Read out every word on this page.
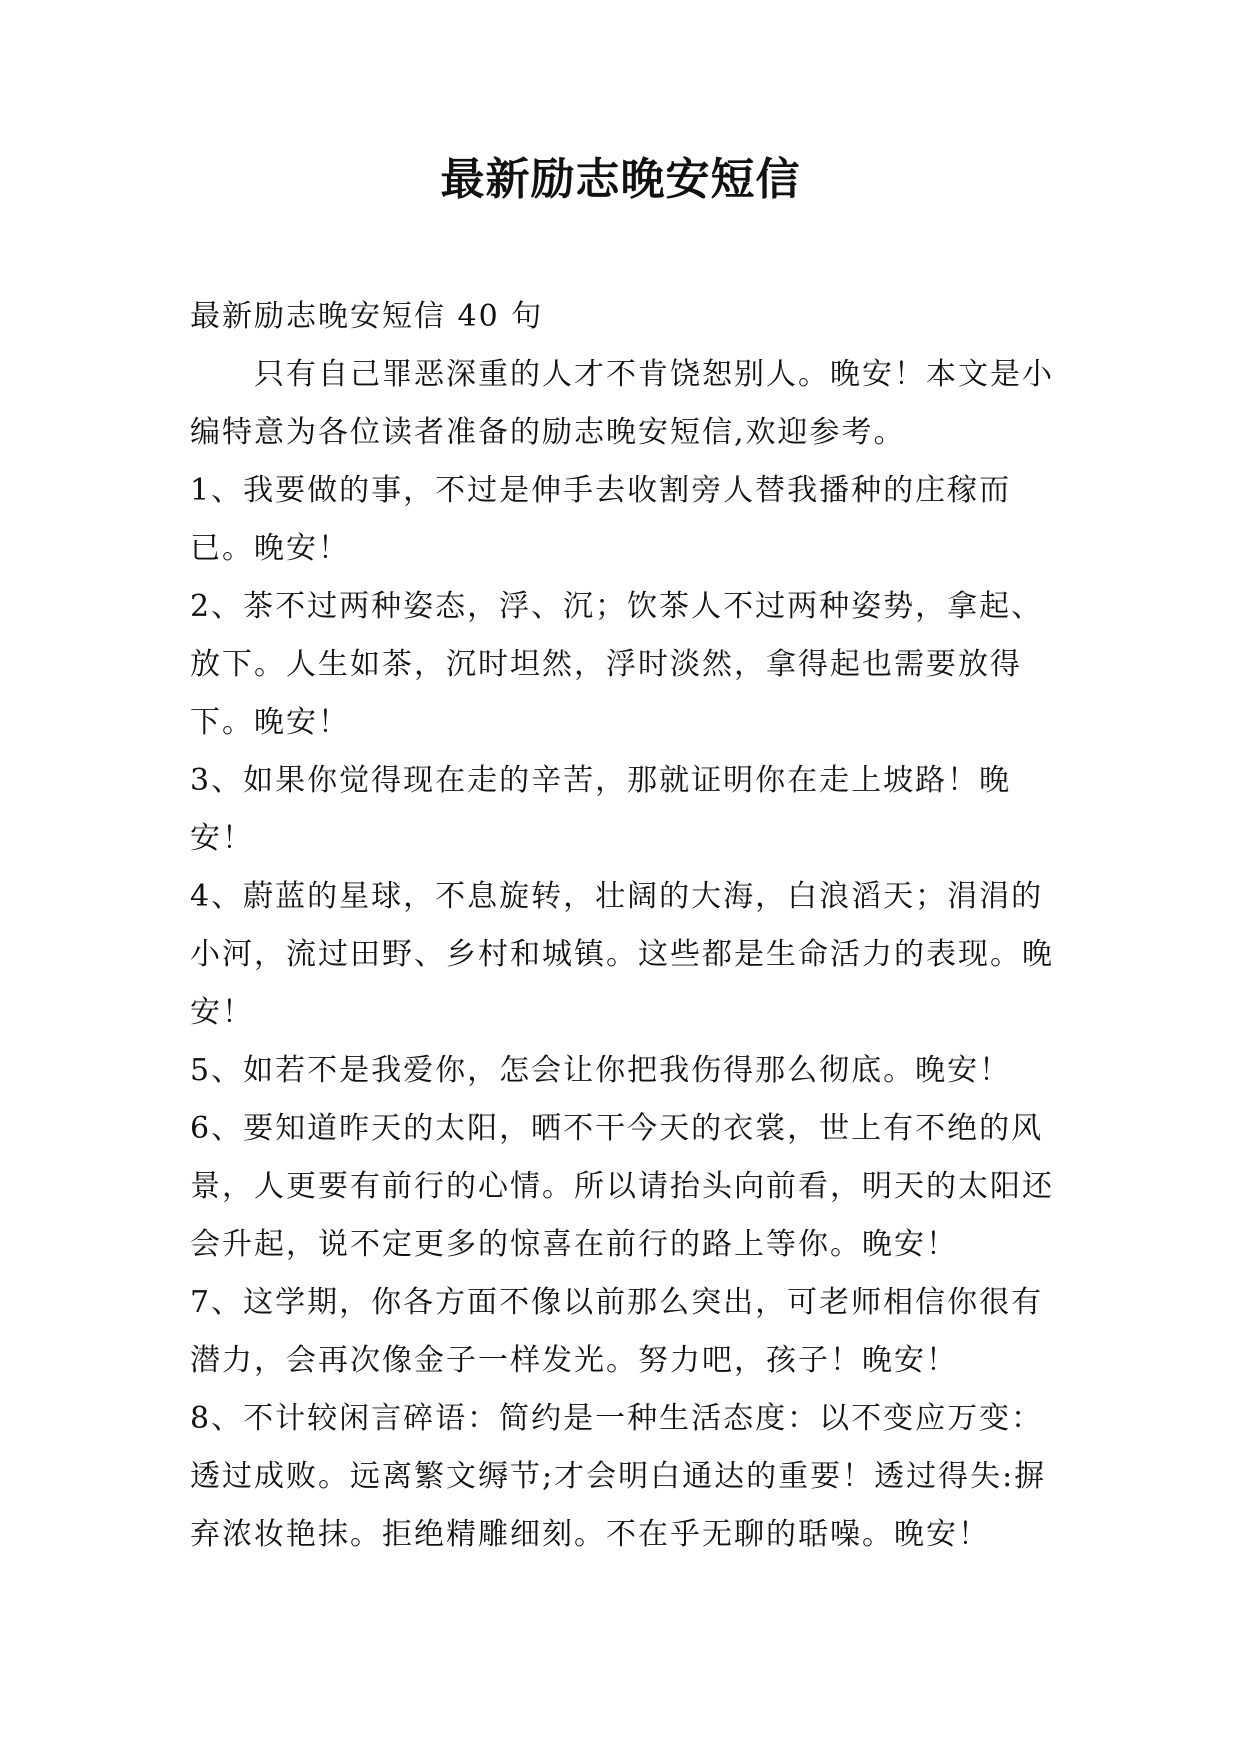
最新励志晚安短信

最新励志晚安短信 40 句

只有自己罪恶深重的人才不肯饶恕别人。晚安！本文是小编特意为各位读者准备的励志晚安短信,欢迎参考。

1、我要做的事，不过是伸手去收割旁人替我播种的庄稼而已。晚安！

2、茶不过两种姿态，浮、沉；饮茶人不过两种姿势，拿起、放下。人生如茶，沉时坦然，浮时淡然，拿得起也需要放得下。晚安！

3、如果你觉得现在走的辛苦，那就证明你在走上坡路！晚安！

4、蔚蓝的星球，不息旋转，壮阔的大海，白浪滔天；涓涓的小河，流过田野、乡村和城镇。这些都是生命活力的表现。晚安！

5、如若不是我爱你，怎会让你把我伤得那么彻底。晚安！

6、要知道昨天的太阳，晒不干今天的衣裳，世上有不绝的风景，人更要有前行的心情。所以请抬头向前看，明天的太阳还会升起，说不定更多的惊喜在前行的路上等你。晚安！

7、这学期，你各方面不像以前那么突出，可老师相信你很有潜力，会再次像金子一样发光。努力吧，孩子！晚安！

8、不计较闲言碎语：简约是一种生活态度：以不变应万变：透过成败。远离繁文缛节;才会明白通达的重要！透过得失:摒弃浓妆艳抹。拒绝精雕细刻。不在乎无聊的聒噪。晚安！
